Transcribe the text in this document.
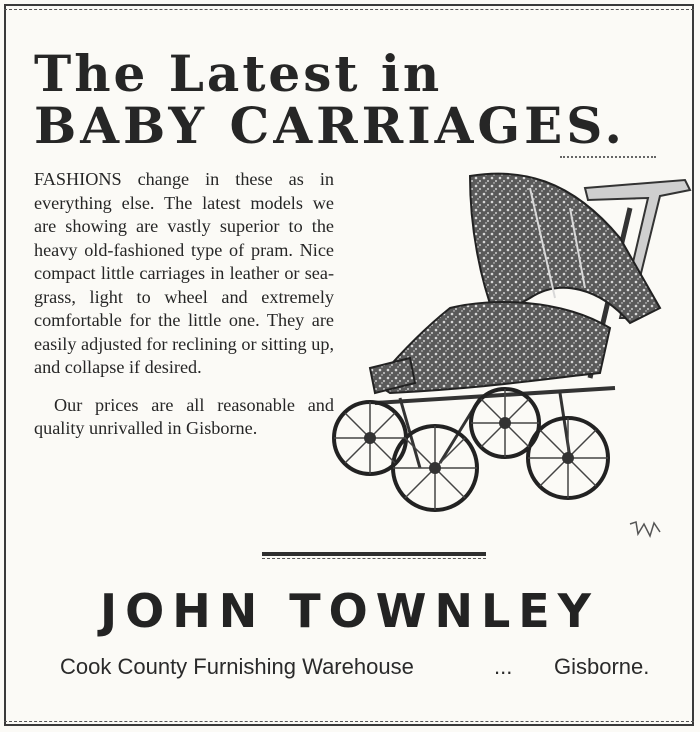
The Latest in
BABY CARRIAGES.

FASHIONS change in these as in everything else. The latest models we are showing are vastly superior to the heavy old-fashioned type of pram. Nice compact little carriages in leather or sea-grass, light to wheel and extremely comfortable for the little one. They are easily adjusted for reclining or sitting up, and collapse if desired.

Our prices are all reasonable and quality unrivalled in Gisborne.

JOHN TOWNLEY
Cook County Furnishing Warehouse	... Gisborne.
